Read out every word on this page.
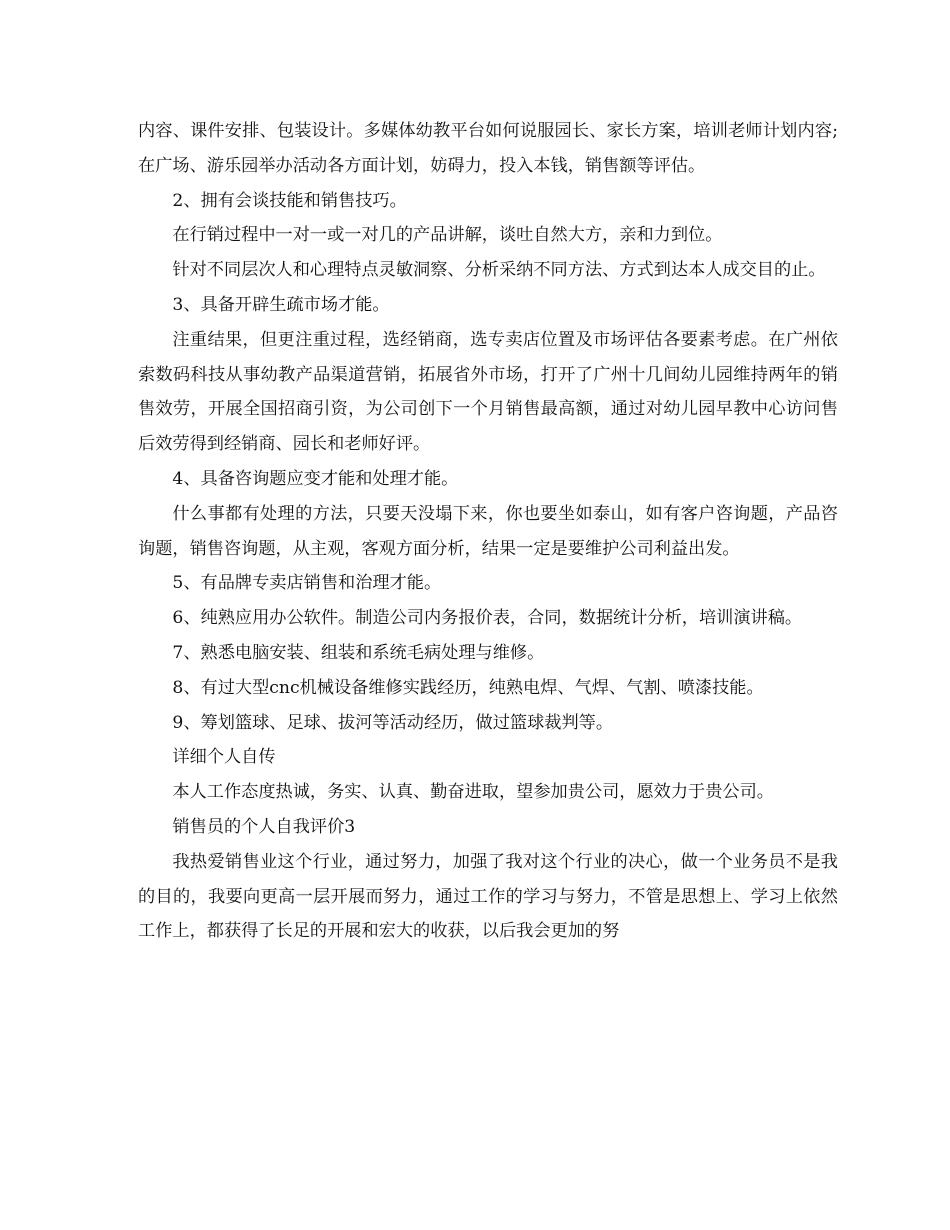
内容、课件安排、包装设计。多媒体幼教平台如何说服园长、家长方案，培训老师计划内容;在广场、游乐园举办活动各方面计划，妨碍力，投入本钱，销售额等评估。

2、拥有会谈技能和销售技巧。

在行销过程中一对一或一对几的产品讲解，谈吐自然大方，亲和力到位。

针对不同层次人和心理特点灵敏洞察、分析采纳不同方法、方式到达本人成交目的止。

3、具备开辟生疏市场才能。

注重结果，但更注重过程，选经销商，选专卖店位置及市场评估各要素考虑。在广州依索数码科技从事幼教产品渠道营销，拓展省外市场，打开了广州十几间幼儿园维持两年的销售效劳，开展全国招商引资，为公司创下一个月销售最高额，通过对幼儿园早教中心访问售后效劳得到经销商、园长和老师好评。

4、具备咨询题应变才能和处理才能。

什么事都有处理的方法，只要天没塌下来，你也要坐如泰山，如有客户咨询题，产品咨询题，销售咨询题，从主观，客观方面分析，结果一定是要维护公司利益出发。

5、有品牌专卖店销售和治理才能。

6、纯熟应用办公软件。制造公司内务报价表，合同，数据统计分析，培训演讲稿。

7、熟悉电脑安装、组装和系统毛病处理与维修。

8、有过大型cnc机械设备维修实践经历，纯熟电焊、气焊、气割、喷漆技能。

9、筹划篮球、足球、拔河等活动经历，做过篮球裁判等。

详细个人自传

本人工作态度热诚，务实、认真、勤奋进取，望参加贵公司，愿效力于贵公司。

销售员的个人自我评价3

我热爱销售业这个行业，通过努力，加强了我对这个行业的决心，做一个业务员不是我的目的，我要向更高一层开展而努力，通过工作的学习与努力，不管是思想上、学习上依然工作上，都获得了长足的开展和宏大的收获，以后我会更加的努
